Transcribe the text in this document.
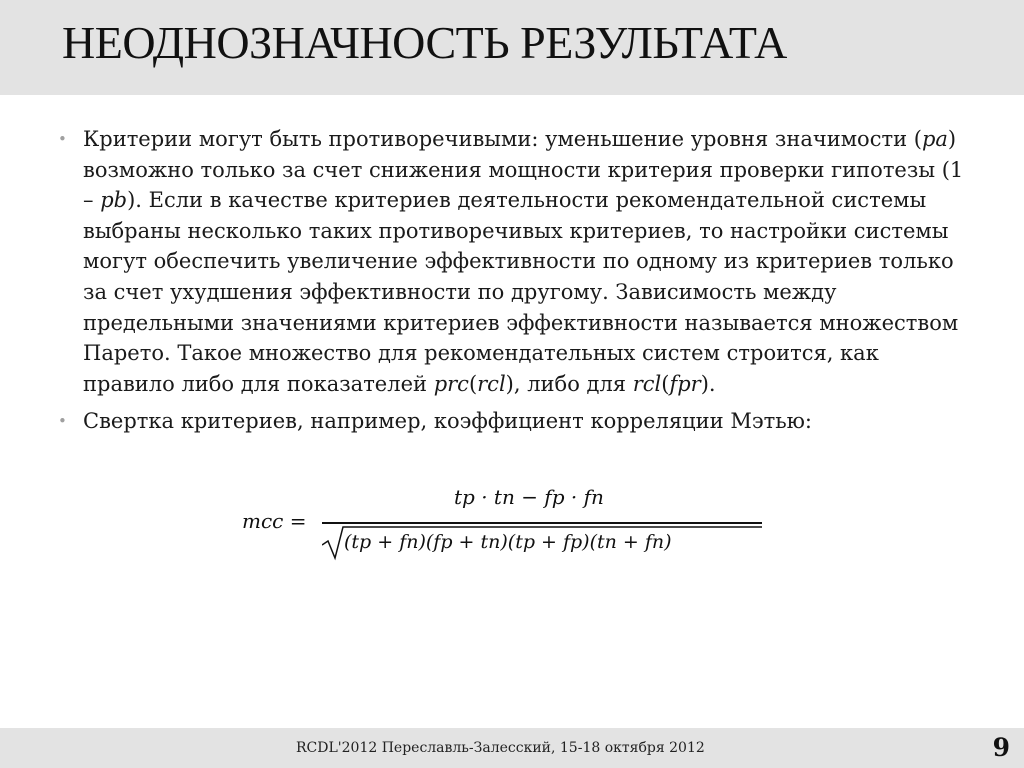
НЕОДНОЗНАЧНОСТЬ РЕЗУЛЬТАТА
• Критерии могут быть противоречивыми: уменьшение уровня значимости (pa) возможно только за счет снижения мощности критерия проверки гипотезы (1 – pb). Если в качестве критериев деятельности рекомендательной системы выбраны несколько таких противоречивых критериев, то настройки системы могут обеспечить увеличение эффективности по одному из критериев только за счет ухудшения эффективности по другому. Зависимость между предельными значениями критериев эффективности называется множеством Парето. Такое множество для рекомендательных систем строится, как правило либо для показателей prc(rcl), либо для rcl(fpr).
• Свертка критериев, например, коэффициент корреляции Мэтью:
mcc =
tp · tn − fp · fn
(tp + fn)(fp + tn)(tp + fp)(tn + fn)
RCDL'2012 Переславль-Залесский, 15-18 октября 2012	9
